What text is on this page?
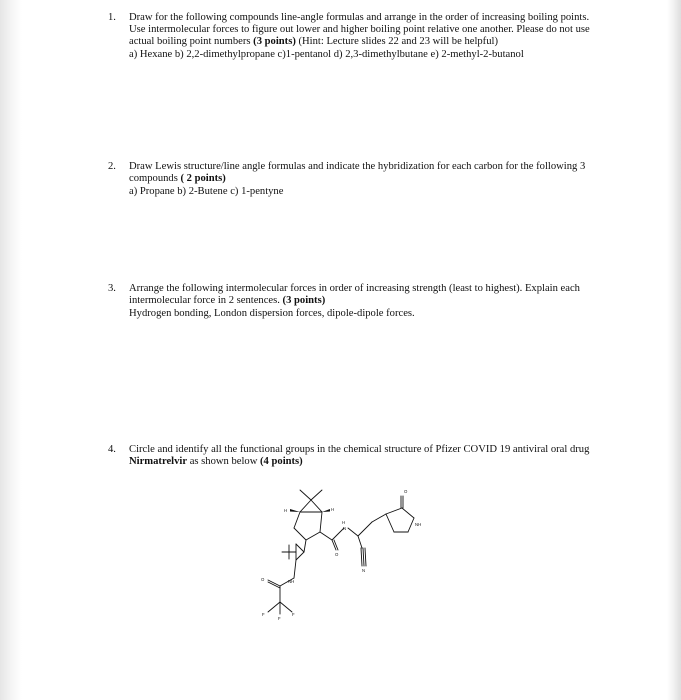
1. Draw for the following compounds line-angle formulas and arrange in the order of increasing boiling points. Use intermolecular forces to figure out lower and higher boiling point relative one another. Please do not use actual boiling point numbers (3 points) (Hint: Lecture slides 22 and 23 will be helpful)

a) Hexane b) 2,2-dimethylpropane c)1-pentanol d) 2,3-dimethylbutane e) 2-methyl-2-butanol
2. Draw Lewis structure/line angle formulas and indicate the hybridization for each carbon for the following 3 compounds ( 2 points)

a) Propane b) 2-Butene c) 1-pentyne
3. Arrange the following intermolecular forces in order of increasing strength (least to highest). Explain each intermolecular force in 2 sentences. (3 points)

Hydrogen bonding, London dispersion forces, dipole-dipole forces.
4. Circle and identify all the functional groups in the chemical structure of Pfizer COVID 19 antiviral oral drug Nirmatrelvir as shown below (4 points)

H	H
H
N
O
NH
O
N
NH
O
F	F
F
